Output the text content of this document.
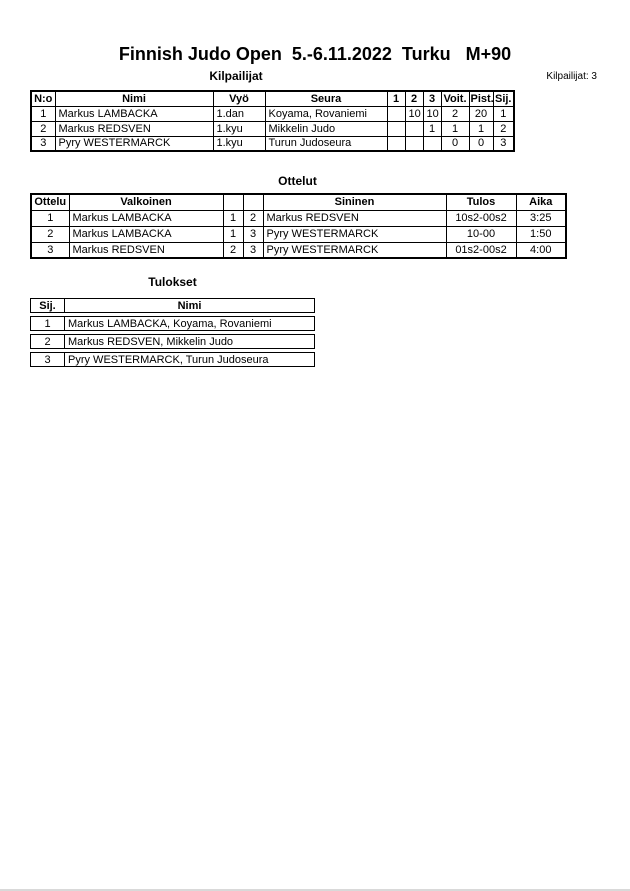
Finnish Judo Open  5.-6.11.2022  Turku   M+90
Kilpailijat	Kilpailijat: 3
N:o	Nimi	Vyö	Seura	1	2	3	Voit.	Pist.	Sij.
1	Markus LAMBACKA	1.dan	Koyama, Rovaniemi		10	10	2	20	1
2	Markus REDSVEN	1.kyu	Mikkelin Judo			1	1	1	2
3	Pyry WESTERMARCK	1.kyu	Turun Judoseura				0	0	3
Ottelut
Ottelu	Valkoinen			Sininen	Tulos	Aika
1	Markus LAMBACKA	1	2	Markus REDSVEN	10s2-00s2	3:25
2	Markus LAMBACKA	1	3	Pyry WESTERMARCK	10-00	1:50
3	Markus REDSVEN	2	3	Pyry WESTERMARCK	01s2-00s2	4:00
Tulokset
Sij.	Nimi
1	Markus LAMBACKA, Koyama, Rovaniemi
2	Markus REDSVEN, Mikkelin Judo
3	Pyry WESTERMARCK, Turun Judoseura
